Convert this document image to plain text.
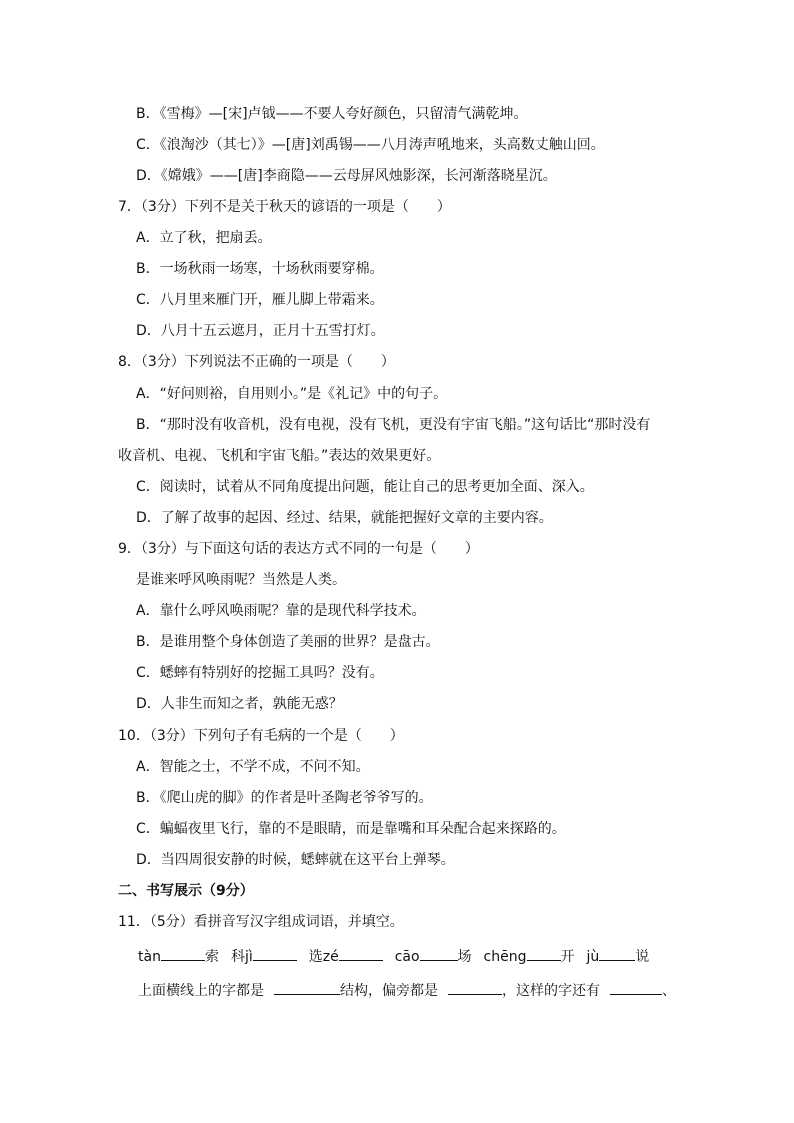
B．《雪梅》—[宋]卢钺——不要人夸好颜色，只留清气满乾坤。
C．《浪淘沙（其七）》—[唐]刘禹锡——八月涛声吼地来，头高数丈触山回。
D．《嫦娥》——[唐]李商隐——云母屏风烛影深，长河渐落晓星沉。
7．（3分）下列不是关于秋天的谚语的一项是（　　）
A．立了秋，把扇丢。
B．一场秋雨一场寒，十场秋雨要穿棉。
C．八月里来雁门开，雁儿脚上带霜来。
D．八月十五云遮月，正月十五雪打灯。
8．（3分）下列说法不正确的一项是（　　）
A．“好问则裕，自用则小。”是《礼记》中的句子。
B．“那时没有收音机，没有电视，没有飞机，更没有宇宙飞船。”这句话比“那时没有
收音机、电视、飞机和宇宙飞船。”表达的效果更好。
C．阅读时，试着从不同角度提出问题，能让自己的思考更加全面、深入。
D．了解了故事的起因、经过、结果，就能把握好文章的主要内容。
9．（3分）与下面这句话的表达方式不同的一句是（　　）
是谁来呼风唤雨呢？当然是人类。
A．靠什么呼风唤雨呢？靠的是现代科学技术。
B．是谁用整个身体创造了美丽的世界？是盘古。
C．蟋蟀有特别好的挖掘工具吗？没有。
D．人非生而知之者，孰能无惑？
10．（3分）下列句子有毛病的一个是（　　）
A．智能之士，不学不成，不问不知。
B．《爬山虎的脚》的作者是叶圣陶老爷爷写的。
C．蝙蝠夜里飞行，靠的不是眼睛，而是靠嘴和耳朵配合起来探路的。
D．当四周很安静的时候，蟋蟀就在这平台上弹琴。
二、书写展示（9分）
11．（5分）看拼音写汉字组成词语，并填空。
tàn	索 科jì	选zé	cāo	场 chēng 开 jù	说
上面横线上的字都是	结构，偏旁都是	，这样的字还有	、
